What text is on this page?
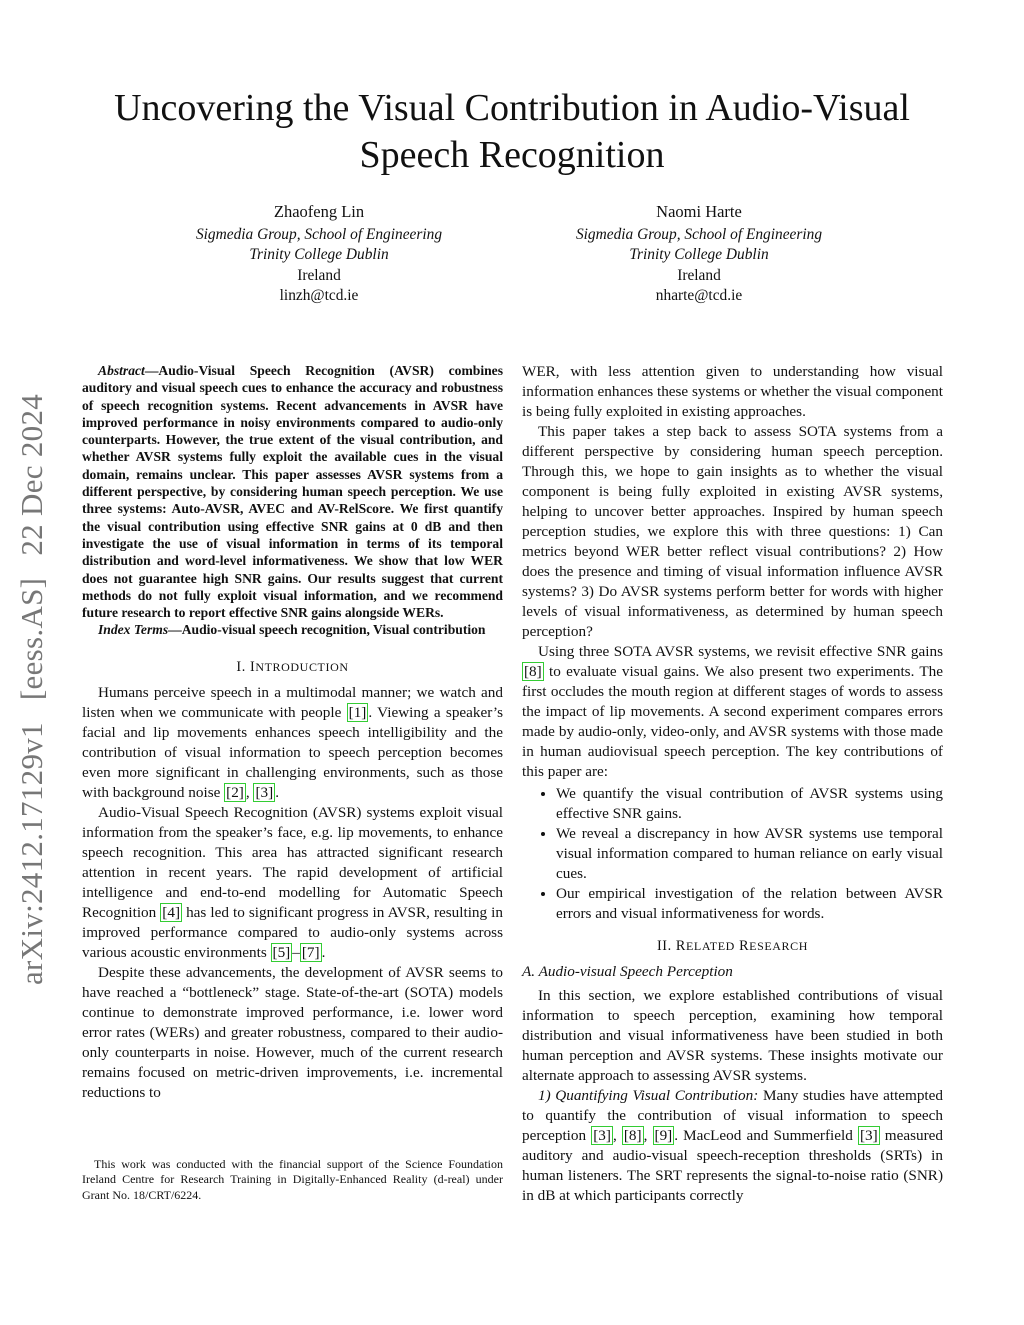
arXiv:2412.17129v1 [eess.AS] 22 Dec 2024
Uncovering the Visual Contribution in Audio-Visual
Speech Recognition
Zhaofeng Lin
Sigmedia Group, School of Engineering
Trinity College Dublin
Ireland
linzh@tcd.ie
Naomi Harte
Sigmedia Group, School of Engineering
Trinity College Dublin
Ireland
nharte@tcd.ie

Abstract—Audio-Visual Speech Recognition (AVSR) combines auditory and visual speech cues to enhance the accuracy and robustness of speech recognition systems. Recent advancements in AVSR have improved performance in noisy environments compared to audio-only counterparts. However, the true extent of the visual contribution, and whether AVSR systems fully exploit the available cues in the visual domain, remains unclear. This paper assesses AVSR systems from a different perspective, by considering human speech perception. We use three systems: Auto-AVSR, AVEC and AV-RelScore. We first quantify the visual contribution using effective SNR gains at 0 dB and then investigate the use of visual information in terms of its temporal distribution and word-level informativeness. We show that low WER does not guarantee high SNR gains. Our results suggest that current methods do not fully exploit visual information, and we recommend future research to report effective SNR gains alongside WERs.

Index Terms—Audio-visual speech recognition, Visual contribution

I. INTRODUCTION

Humans perceive speech in a multimodal manner; we watch and listen when we communicate with people [1] . Viewing a speaker’s facial and lip movements enhances speech intelligibility and the contribution of visual information to speech perception becomes even more significant in challenging environments, such as those with background noise [2] , [3] .

Audio-Visual Speech Recognition (AVSR) systems exploit visual information from the speaker’s face, e.g. lip movements, to enhance speech recognition. This area has attracted significant research attention in recent years. The rapid development of artificial intelligence and end-to-end modelling for Automatic Speech Recognition [4] has led to significant progress in AVSR, resulting in improved performance compared to audio-only systems across various acoustic environments [5] – [7] .

Despite these advancements, the development of AVSR seems to have reached a “bottleneck” stage. State-of-the-art (SOTA) models continue to demonstrate improved performance, i.e. lower word error rates (WERs) and greater robustness, compared to their audio-only counterparts in noise. However, much of the current research remains focused on metric-driven improvements, i.e. incremental reductions to

This work was conducted with the financial support of the Science Foundation Ireland Centre for Research Training in Digitally-Enhanced Reality (d-real) under Grant No. 18/CRT/6224.

WER, with less attention given to understanding how visual information enhances these systems or whether the visual component is being fully exploited in existing approaches.

This paper takes a step back to assess SOTA systems from a different perspective by considering human speech perception. Through this, we hope to gain insights as to whether the visual component is being fully exploited in existing AVSR systems, helping to uncover better approaches. Inspired by human speech perception studies, we explore this with three questions: 1) Can metrics beyond WER better reflect visual contributions? 2) How does the presence and timing of visual information influence AVSR systems? 3) Do AVSR systems perform better for words with higher levels of visual informativeness, as determined by human speech perception?

Using three SOTA AVSR systems, we revisit effective SNR gains [8] to evaluate visual gains. We also present two experiments. The first occludes the mouth region at different stages of words to assess the impact of lip movements. A second experiment compares errors made by audio-only, video-only, and AVSR systems with those made in human audiovisual speech perception. The key contributions of this paper are:

• We quantify the visual contribution of AVSR systems using effective SNR gains.
• We reveal a discrepancy in how AVSR systems use temporal visual information compared to human reliance on early visual cues.
• Our empirical investigation of the relation between AVSR errors and visual informativeness for words.
II. RELATED RESEARCH
A. Audio-visual Speech Perception

In this section, we explore established contributions of visual information to speech perception, examining how temporal distribution and visual informativeness have been studied in both human perception and AVSR systems. These insights motivate our alternate approach to assessing AVSR systems.

1) Quantifying Visual Contribution: Many studies have attempted to quantify the contribution of visual information to speech perception [3] , [8] , [9] . MacLeod and Summerfield [3] measured auditory and audio-visual speech-reception thresholds (SRTs) in human listeners. The SRT represents the signal-to-noise ratio (SNR) in dB at which participants correctly
